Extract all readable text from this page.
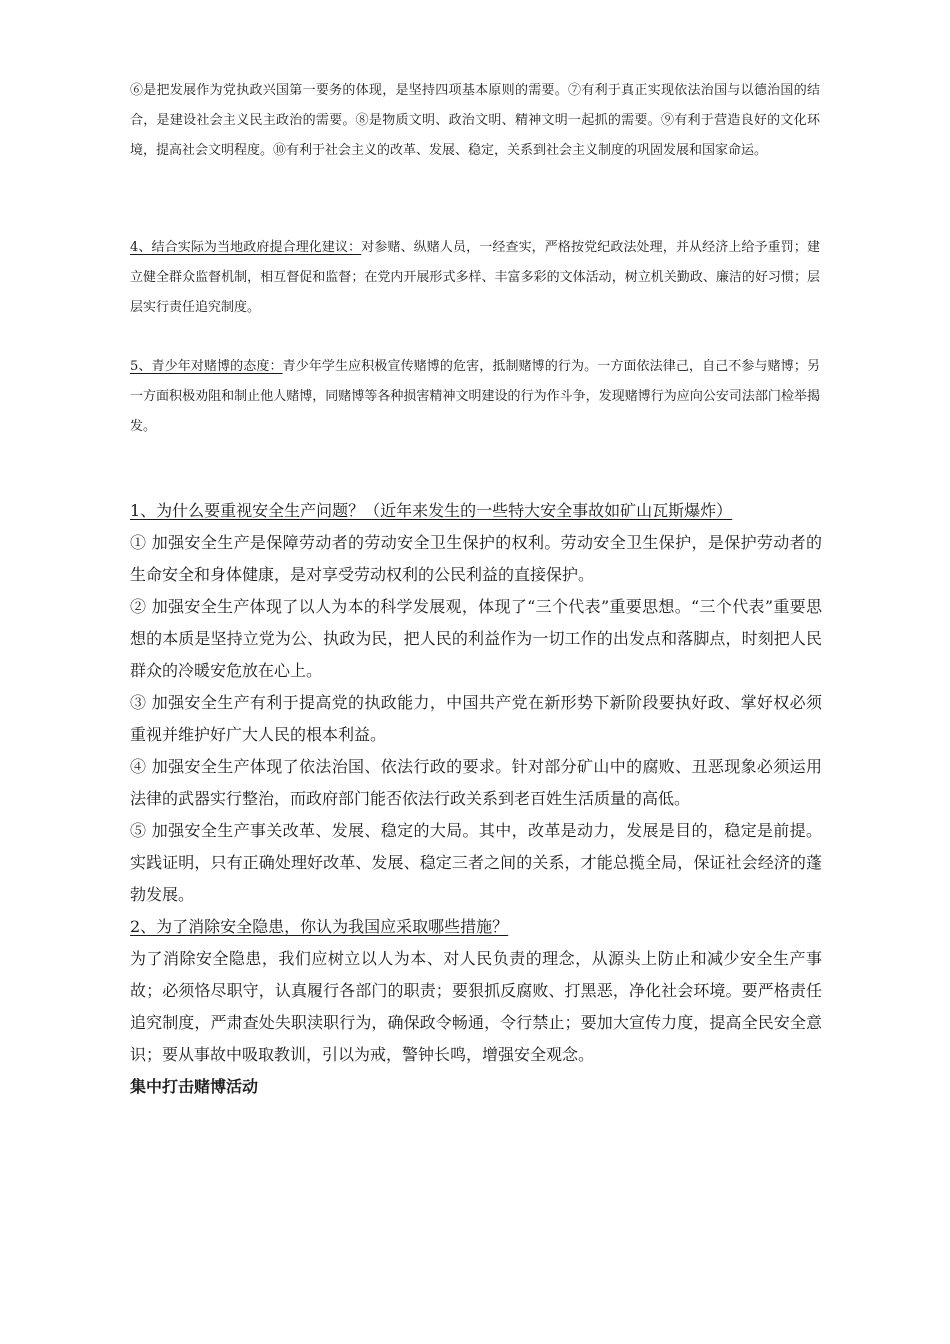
⑥是把发展作为党执政兴国第一要务的体现，是坚持四项基本原则的需要。⑦有利于真正实现依法治国与以德治国的结合，是建设社会主义民主政治的需要。⑧是物质文明、政治文明、精神文明一起抓的需要。⑨有利于营造良好的文化环境，提高社会文明程度。⑩有利于社会主义的改革、发展、稳定，关系到社会主义制度的巩固发展和国家命运。

4、结合实际为当地政府提合理化建议：对参赌、纵赌人员，一经查实，严格按党纪政法处理，并从经济上给予重罚；建立健全群众监督机制，相互督促和监督；在党内开展形式多样、丰富多彩的文体活动，树立机关勤政、廉洁的好习惯；层层实行责任追究制度。

5、青少年对赌博的态度：青少年学生应积极宣传赌博的危害，抵制赌博的行为。一方面依法律己，自己不参与赌博；另一方面积极劝阻和制止他人赌博，同赌博等各种损害精神文明建设的行为作斗争，发现赌博行为应向公安司法部门检举揭发。

1、为什么要重视安全生产问题？（近年来发生的一些特大安全事故如矿山瓦斯爆炸）
① 加强安全生产是保障劳动者的劳动安全卫生保护的权利。劳动安全卫生保护，是保护劳动者的生命安全和身体健康，是对享受劳动权利的公民利益的直接保护。
② 加强安全生产体现了以人为本的科学发展观，体现了“三个代表”重要思想。“三个代表”重要思想的本质是坚持立党为公、执政为民，把人民的利益作为一切工作的出发点和落脚点，时刻把人民群众的冷暖安危放在心上。
③ 加强安全生产有利于提高党的执政能力，中国共产党在新形势下新阶段要执好政、掌好权必须重视并维护好广大人民的根本利益。
④ 加强安全生产体现了依法治国、依法行政的要求。针对部分矿山中的腐败、丑恶现象必须运用法律的武器实行整治，而政府部门能否依法行政关系到老百姓生活质量的高低。
⑤ 加强安全生产事关改革、发展、稳定的大局。其中，改革是动力，发展是目的，稳定是前提。实践证明，只有正确处理好改革、发展、稳定三者之间的关系，才能总揽全局，保证社会经济的蓬勃发展。
2、为了消除安全隐患，你认为我国应采取哪些措施？
为了消除安全隐患，我们应树立以人为本、对人民负责的理念，从源头上防止和减少安全生产事故；必须恪尽职守，认真履行各部门的职责；要狠抓反腐败、打黑恶，净化社会环境。要严格责任追究制度，严肃查处失职渎职行为，确保政令畅通，令行禁止；要加大宣传力度，提高全民安全意识；要从事故中吸取教训，引以为戒，警钟长鸣，增强安全观念。
集中打击赌博活动
